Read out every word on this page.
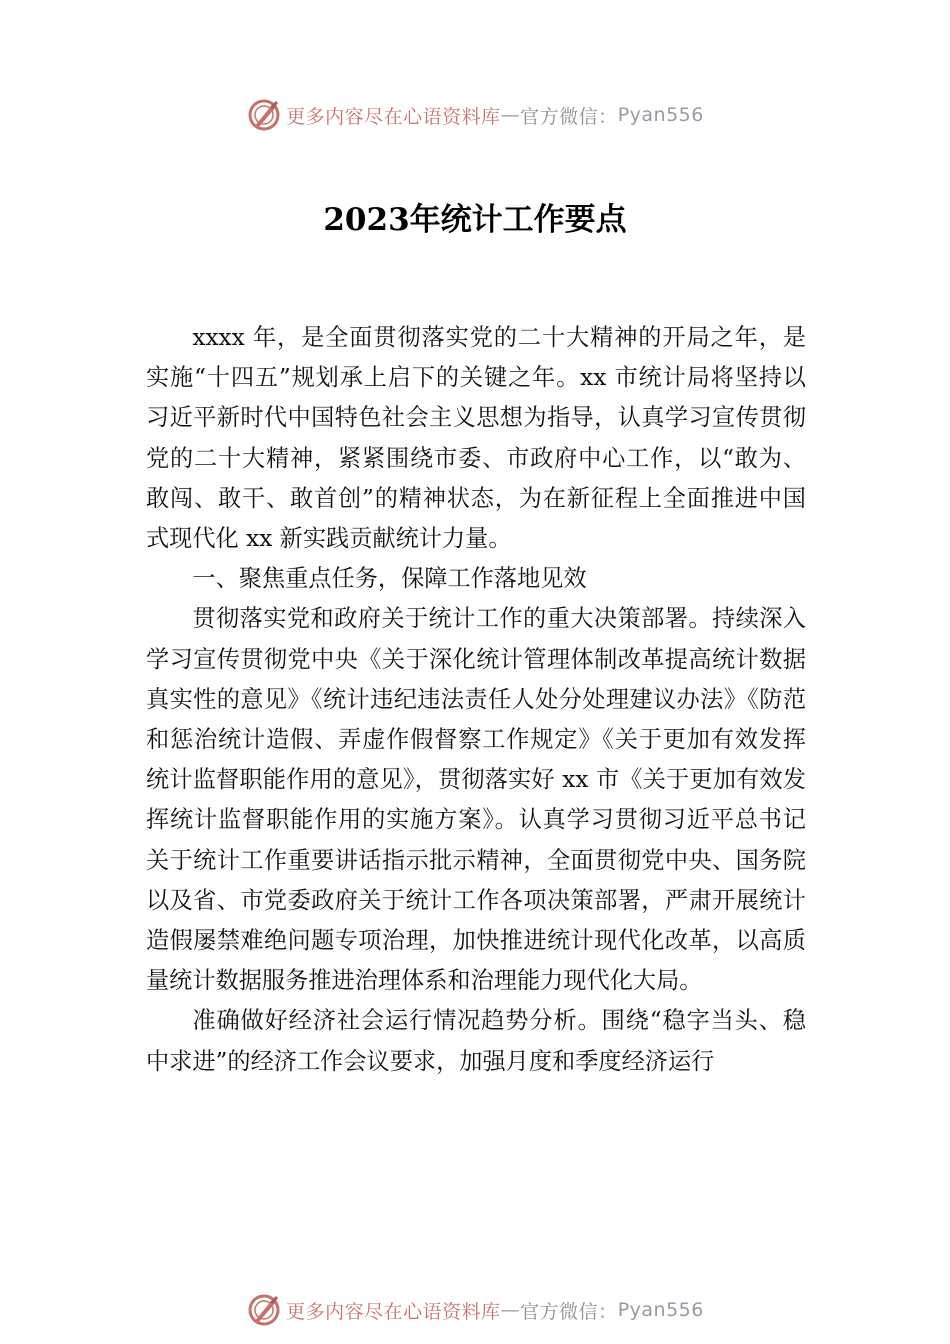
更多内容尽在心语资料库 — 官方微信： Pyan556
2023年统计工作要点

xxxx 年，是全面贯彻落实党的二十大精神的开局之年，是实施“十四五”规划承上启下的关键之年。xx 市统计局将坚持以习近平新时代中国特色社会主义思想为指导，认真学习宣传贯彻党的二十大精神，紧紧围绕市委、市政府中心工作，以“敢为、敢闯、敢干、敢首创”的精神状态，为在新征程上全面推进中国式现代化 xx 新实践贡献统计力量。

一、聚焦重点任务，保障工作落地见效

贯彻落实党和政府关于统计工作的重大决策部署。持续深入学习宣传贯彻党中央《关于深化统计管理体制改革提高统计数据真实性的意见》《统计违纪违法责任人处分处理建议办法》《防范和惩治统计造假、弄虚作假督察工作规定》《关于更加有效发挥统计监督职能作用的意见》，贯彻落实好 xx 市《关于更加有效发挥统计监督职能作用的实施方案》。认真学习贯彻习近平总书记关于统计工作重要讲话指示批示精神，全面贯彻党中央、国务院以及省、市党委政府关于统计工作各项决策部署，严肃开展统计造假屡禁难绝问题专项治理，加快推进统计现代化改革，以高质量统计数据服务推进治理体系和治理能力现代化大局。

准确做好经济社会运行情况趋势分析。围绕“稳字当头、稳中求进”的经济工作会议要求，加强月度和季度经济运行

更多内容尽在心语资料库 — 官方微信： Pyan556
